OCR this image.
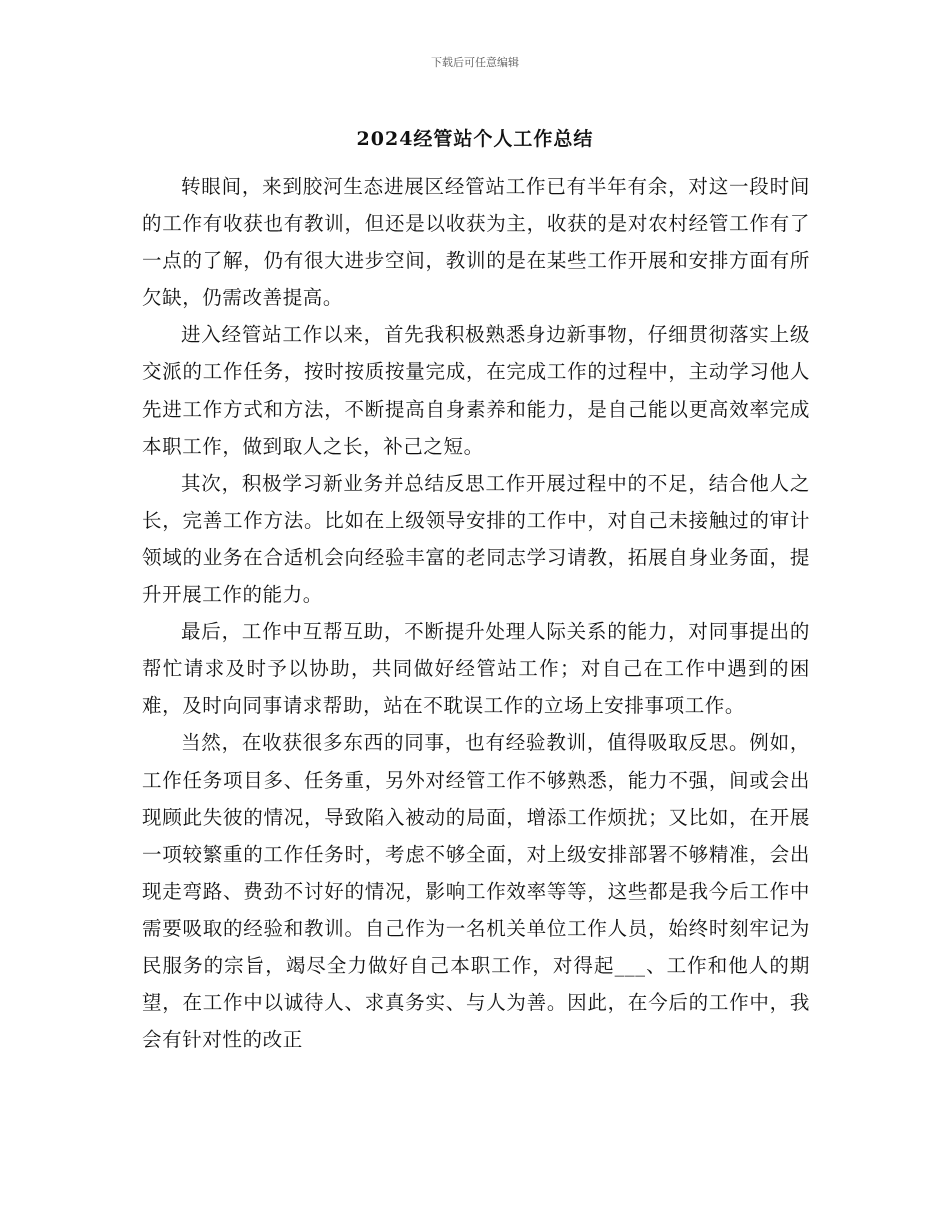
下载后可任意编辑
2024经管站个人工作总结

转眼间，来到胶河生态进展区经管站工作已有半年有余，对这一段时间的工作有收获也有教训，但还是以收获为主，收获的是对农村经管工作有了一点的了解，仍有很大进步空间，教训的是在某些工作开展和安排方面有所欠缺，仍需改善提高。

进入经管站工作以来，首先我积极熟悉身边新事物，仔细贯彻落实上级交派的工作任务，按时按质按量完成，在完成工作的过程中，主动学习他人先进工作方式和方法，不断提高自身素养和能力，是自己能以更高效率完成本职工作，做到取人之长，补己之短。

其次，积极学习新业务并总结反思工作开展过程中的不足，结合他人之长，完善工作方法。比如在上级领导安排的工作中，对自己未接触过的审计领域的业务在合适机会向经验丰富的老同志学习请教，拓展自身业务面，提升开展工作的能力。

最后，工作中互帮互助，不断提升处理人际关系的能力，对同事提出的帮忙请求及时予以协助，共同做好经管站工作；对自己在工作中遇到的困难，及时向同事请求帮助，站在不耽误工作的立场上安排事项工作。

当然，在收获很多东西的同事，也有经验教训，值得吸取反思。例如，工作任务项目多、任务重，另外对经管工作不够熟悉，能力不强，间或会出现顾此失彼的情况，导致陷入被动的局面，增添工作烦扰；又比如，在开展一项较繁重的工作任务时，考虑不够全面，对上级安排部署不够精准，会出现走弯路、费劲不讨好的情况，影响工作效率等等，这些都是我今后工作中需要吸取的经验和教训。自己作为一名机关单位工作人员，始终时刻牢记为民服务的宗旨，竭尽全力做好自己本职工作，对得起___、工作和他人的期望，在工作中以诚待人、求真务实、与人为善。因此，在今后的工作中，我会有针对性的改正
